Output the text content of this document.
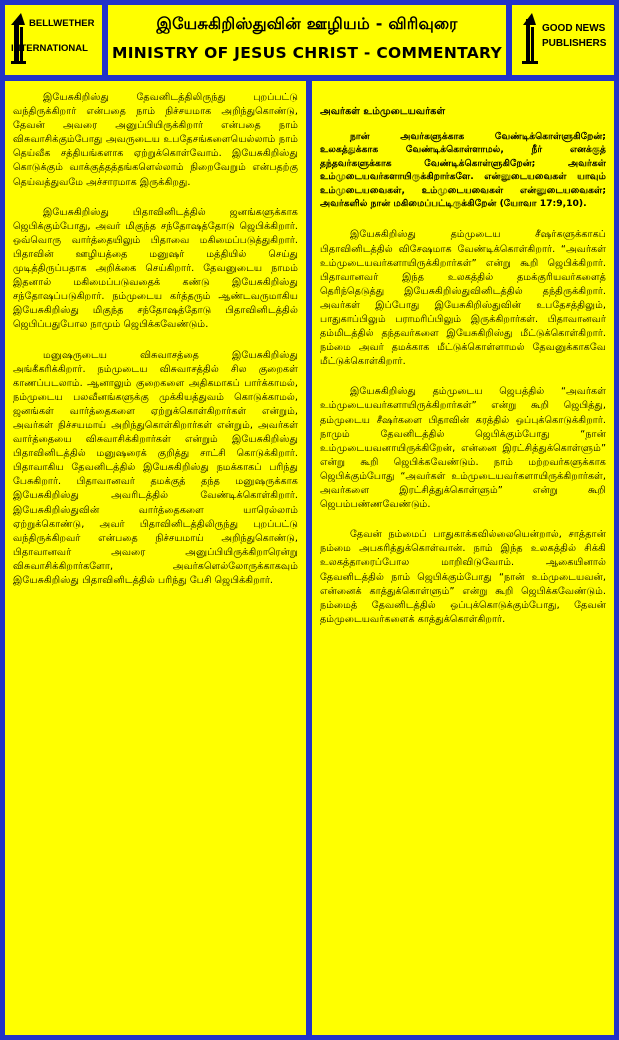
BELLWETHER
INTERNATIONAL
இயேசுகிறிஸ்துவின் ஊழியம் - விரிவுரை
MINISTRY OF JESUS CHRIST - COMMENTARY
GOOD NEWS
PUBLISHERS

இயேசுகிறிஸ்து தேவனிடத்திலிருந்து புறப்பட்டு வந்திருக்கிறார் என்பதை நாம் நிச்சயமாக அறிந்துகொண்டு, தேவன் அவரை அனுப்பியிருக்கிறார் என்பதை நாம் விசுவாசிக்கும்போது அவருடைய உபதேசங்களையெல்லாம் நாம் தெய்வீக சத்தியங்களாக ஏற்றுக்கொள்வோம். இயேசுகிறிஸ்து கொடுக்கும் வாக்குத்தத்தங்களெல்லாம் நிறைவேறும் என்பதற்கு தெய்வத்துவமே அச்சாரமாக இருக்கிறது.

இயேசுகிறிஸ்து பிதாவினிடத்தில் ஜனங்களுக்காக ஜெபிக்கும்போது, அவர் மிகுந்த சந்தோஷத்தோடு ஜெபிக்கிறார். ஒவ்வொரு வார்த்தையிலும் பிதாவை மகிமைப்படுத்துகிறார். பிதாவின் ஊழியத்தை மனுஷர் மத்தியில் செய்து முடித்திருப்பதாக அறிக்கை செய்கிறார். தேவனுடைய நாமம் இதனால் மகிமைப்படுவதைக் கண்டு இயேசுகிறிஸ்து சந்தோஷப்படுகிறார். நம்முடைய கர்த்தரும் ஆண்டவருமாகிய இயேசுகிறிஸ்து மிகுந்த சந்தோஷத்தோடு பிதாவினிடத்தில் ஜெபிப்பதுபோல நாமும் ஜெபிக்கவேண்டும்.

மனுஷருடைய விசுவாசத்தை இயேசுகிறிஸ்து அங்கீகரிக்கிறார். நம்முடைய விசுவாசத்தில் சில குறைகள் காணப்படலாம். ஆனாலும் குறைகளை அதிகமாகப் பார்க்காமல், நம்முடைய பலவீனங்களுக்கு முக்கியத்துவம் கொடுக்காமல், ஜனங்கள் வார்த்தைகளை ஏற்றுக்கொள்கிறார்கள் என்றும், அவர்கள் நிச்சயமாய் அறிந்துகொள்கிறார்கள் என்றும், அவர்கள் வார்த்தையை விசுவாசிக்கிறார்கள் என்றும் இயேசுகிறிஸ்து பிதாவினிடத்தில் மனுஷரைக் குறித்து சாட்சி கொடுக்கிறார். பிதாவாகிய தேவனிடத்தில் இயேசுகிறிஸ்து நமக்காகப் பரிந்து பேசுகிறார். பிதாவானவர் தமக்குத் தந்த மனுஷருக்காக இயேசுகிறிஸ்து அவரிடத்தில் வேண்டிக்கொள்கிறார். இயேசுகிறிஸ்துவின் வார்த்தைகளை யாரெல்லாம் ஏற்றுக்கொண்டு, அவர் பிதாவினிடத்திலிருந்து புறப்பட்டு வந்திருக்கிறவர் என்பதை நிச்சயமாய் அறிந்துகொண்டு, பிதாவானவர் அவரை அனுப்பியிருக்கிறாரென்று விசுவாசிக்கிறார்களோ, அவர்களெல்லோருக்காகவும் இயேசுகிறிஸ்து பிதாவினிடத்தில் பரிந்து பேசி ஜெபிக்கிறார்.

அவர்கள் உம்முடையவர்கள்

நான் அவர்களுக்காக வேண்டிக்கொள்ளுகிறேன்; உலகத்துக்காக வேண்டிக்கொள்ளாமல், நீர் எனக்குத் தந்தவர்களுக்காக வேண்டிக்கொள்ளுகிறேன்; அவர்கள் உம்முடையவர்களாயிருக்கிறார்களே. என்னுடையவைகள் யாவும் உம்முடையவைகள், உம்முடையவைகள் என்னுடையவைகள்; அவர்களில் நான் மகிமைப்பட்டிருக்கிறேன் (யோவா 17:9,10).

இயேசுகிறிஸ்து தம்முடைய சீஷர்களுக்காகப் பிதாவினிடத்தில் விசேஷமாக வேண்டிக்கொள்கிறார். “அவர்கள் உம்முடையவர்களாயிருக்கிறார்கள்” என்று கூறி ஜெபிக்கிறார். பிதாவானவர் இந்த உலகத்தில் தமக்குரியவர்களைத் தெரிந்தெடுத்து இயேசுகிறிஸ்துவினிடத்தில் தந்திருக்கிறார். அவர்கள் இப்போது இயேசுகிறிஸ்துவின் உபதேசத்திலும், பாதுகாப்பிலும் பராமரிப்பிலும் இருக்கிறார்கள். பிதாவானவர் தம்மிடத்தில் தந்தவர்களை இயேசுகிறிஸ்து மீட்டுக்கொள்கிறார். நம்மை அவர் தமக்காக மீட்டுக்கொள்ளாமல் தேவனுக்காகவே மீட்டுக்கொள்கிறார்.

இயேசுகிறிஸ்து தம்முடைய ஜெபத்தில் “அவர்கள் உம்முடையவர்களாயிருக்கிறார்கள்” என்று கூறி ஜெபித்து, தம்முடைய சீஷர்களை பிதாவின் கரத்தில் ஒப்புக்கொடுக்கிறார். நாமும் தேவனிடத்தில் ஜெபிக்கும்போது “நான் உம்முடையவனாயிருக்கிறேன், என்னை இரட்சித்துக்கொள்ளும்” என்று கூறி ஜெபிக்கவேண்டும். நாம் மற்றவர்களுக்காக ஜெபிக்கும்போது “அவர்கள் உம்முடையவர்களாயிருக்கிறார்கள், அவர்களை இரட்சித்துக்கொள்ளும்” என்று கூறி ஜெபம்பண்ணவேண்டும்.

தேவன் நம்மைப் பாதுகாக்கவில்லையென்றால், சாத்தான் நம்மை அபகரித்துக்கொள்வான். நாம் இந்த உலகத்தில் சிக்கி உலகத்தாரைப்போல மாறிவிடுவோம். ஆகையினால் தேவனிடத்தில் நாம் ஜெபிக்கும்போது “நான் உம்முடையவன், என்னைக் காத்துக்கொள்ளும்” என்று கூறி ஜெபிக்கவேண்டும். நம்மைத் தேவனிடத்தில் ஒப்புக்கொடுக்கும்போது, தேவன் தம்முடையவர்களைக் காத்துக்கொள்கிறார்.
